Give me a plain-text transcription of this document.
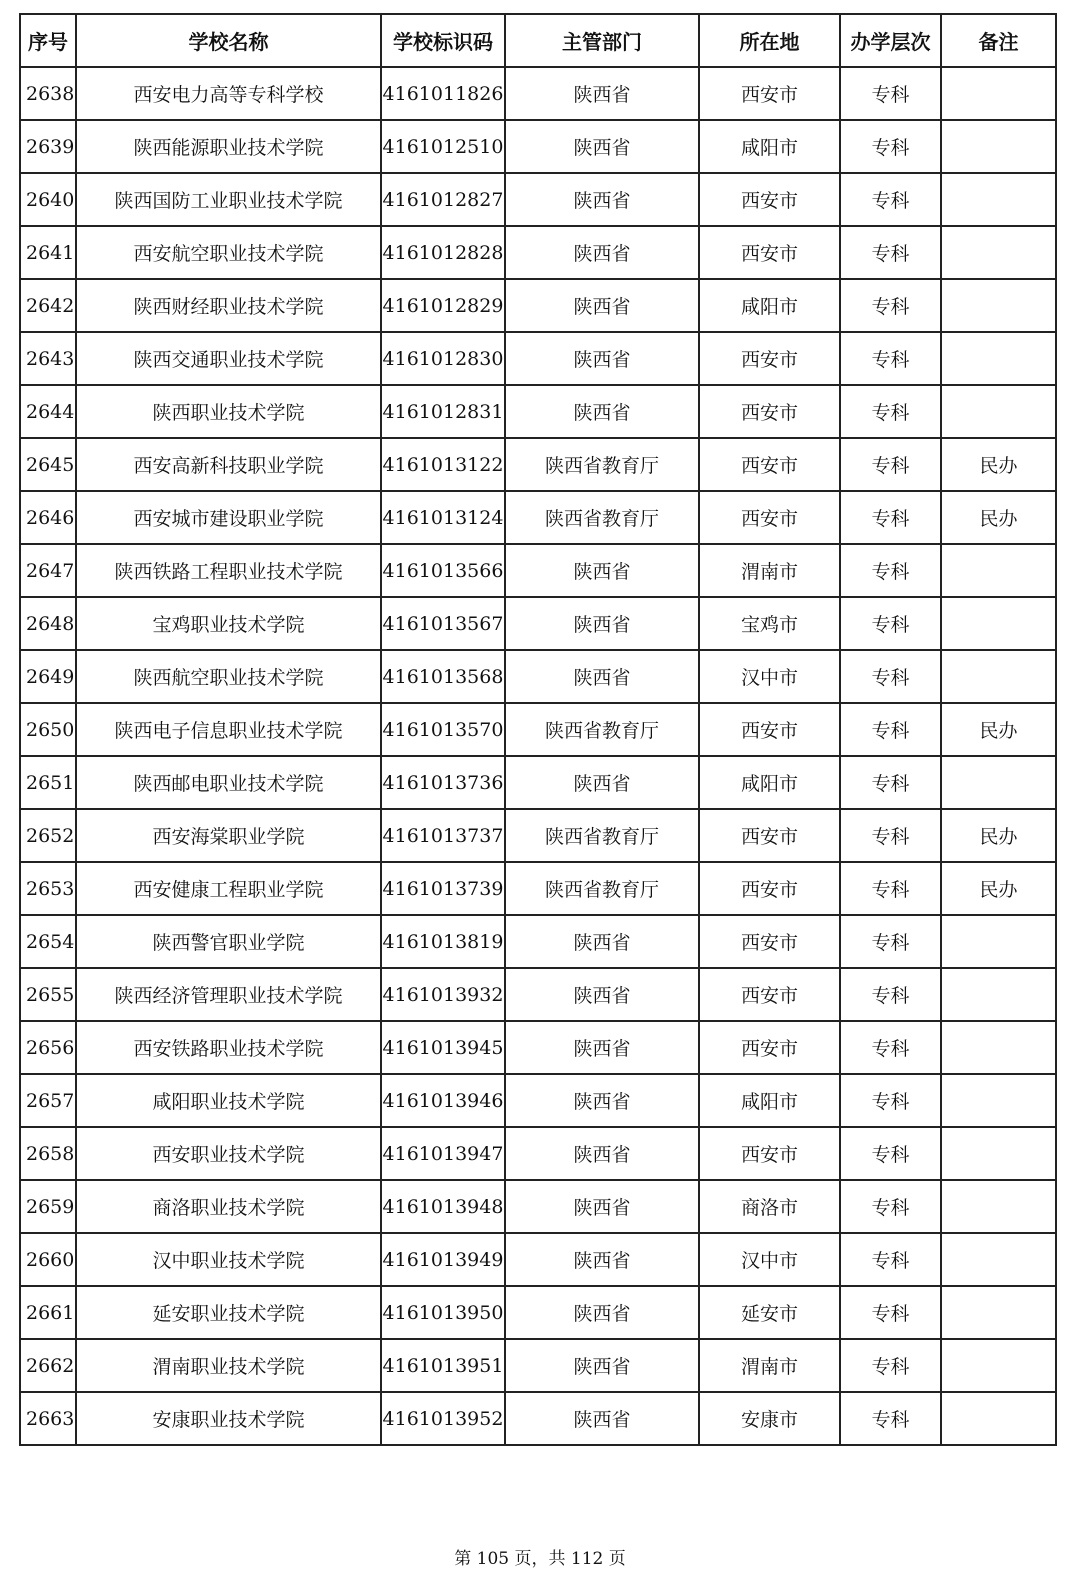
序号	学校名称	学校标识码	主管部门	所在地	办学层次	备注
2638	西安电力高等专科学校	4161011826	陕西省	西安市	专科	
2639	陕西能源职业技术学院	4161012510	陕西省	咸阳市	专科	
2640	陕西国防工业职业技术学院	4161012827	陕西省	西安市	专科	
2641	西安航空职业技术学院	4161012828	陕西省	西安市	专科	
2642	陕西财经职业技术学院	4161012829	陕西省	咸阳市	专科	
2643	陕西交通职业技术学院	4161012830	陕西省	西安市	专科	
2644	陕西职业技术学院	4161012831	陕西省	西安市	专科	
2645	西安高新科技职业学院	4161013122	陕西省教育厅	西安市	专科	民办
2646	西安城市建设职业学院	4161013124	陕西省教育厅	西安市	专科	民办
2647	陕西铁路工程职业技术学院	4161013566	陕西省	渭南市	专科	
2648	宝鸡职业技术学院	4161013567	陕西省	宝鸡市	专科	
2649	陕西航空职业技术学院	4161013568	陕西省	汉中市	专科	
2650	陕西电子信息职业技术学院	4161013570	陕西省教育厅	西安市	专科	民办
2651	陕西邮电职业技术学院	4161013736	陕西省	咸阳市	专科	
2652	西安海棠职业学院	4161013737	陕西省教育厅	西安市	专科	民办
2653	西安健康工程职业学院	4161013739	陕西省教育厅	西安市	专科	民办
2654	陕西警官职业学院	4161013819	陕西省	西安市	专科	
2655	陕西经济管理职业技术学院	4161013932	陕西省	西安市	专科	
2656	西安铁路职业技术学院	4161013945	陕西省	西安市	专科	
2657	咸阳职业技术学院	4161013946	陕西省	咸阳市	专科	
2658	西安职业技术学院	4161013947	陕西省	西安市	专科	
2659	商洛职业技术学院	4161013948	陕西省	商洛市	专科	
2660	汉中职业技术学院	4161013949	陕西省	汉中市	专科	
2661	延安职业技术学院	4161013950	陕西省	延安市	专科	
2662	渭南职业技术学院	4161013951	陕西省	渭南市	专科	
2663	安康职业技术学院	4161013952	陕西省	安康市	专科	
第 105 页，共 112 页
